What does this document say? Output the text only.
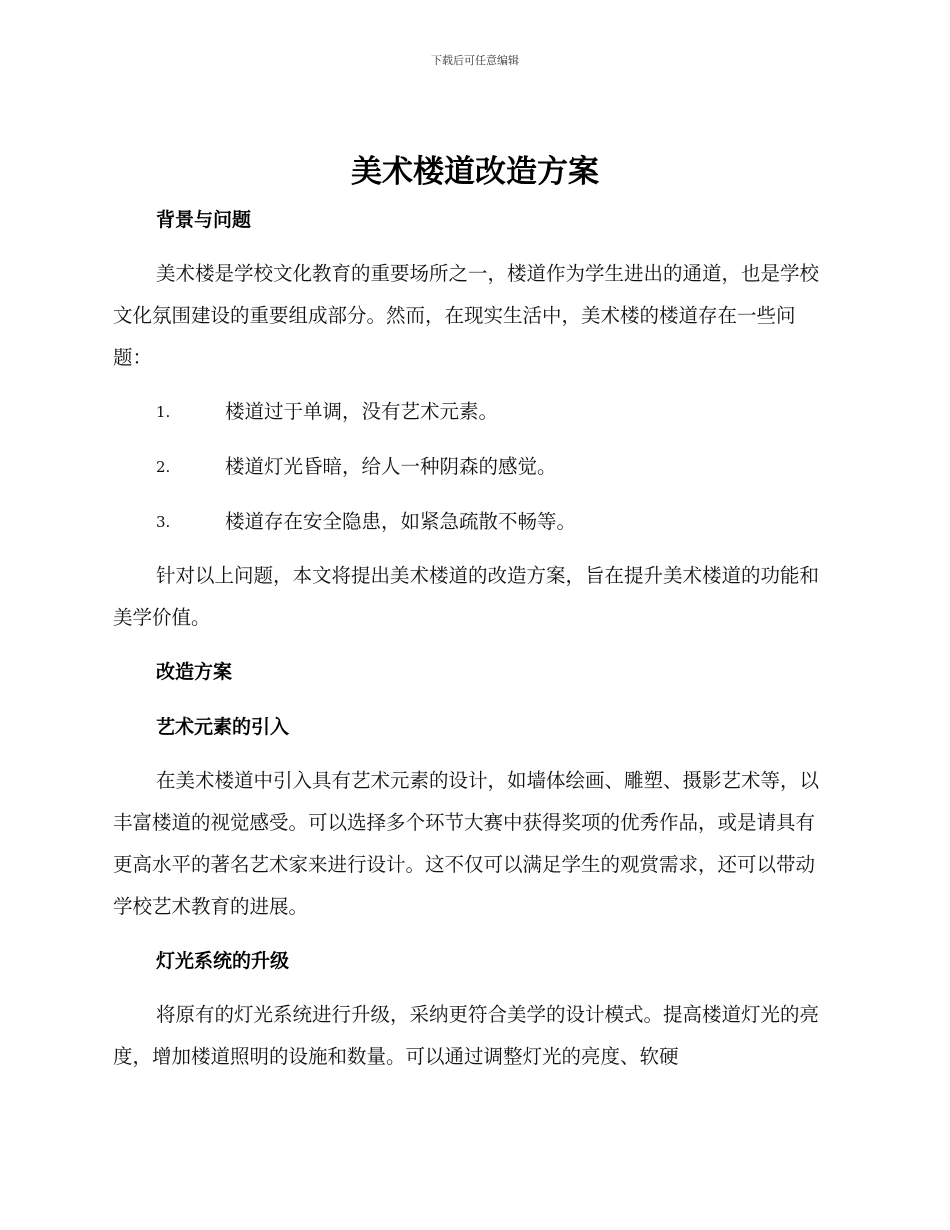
下载后可任意编辑

美术楼道改造方案
背景与问题

美术楼是学校文化教育的重要场所之一，楼道作为学生进出的通道，也是学校文化氛围建设的重要组成部分。然而，在现实生活中，美术楼的楼道存在一些问题：

1.	楼道过于单调，没有艺术元素。
2.	楼道灯光昏暗，给人一种阴森的感觉。
3.	楼道存在安全隐患，如紧急疏散不畅等。

针对以上问题，本文将提出美术楼道的改造方案，旨在提升美术楼道的功能和美学价值。

改造方案
艺术元素的引入

在美术楼道中引入具有艺术元素的设计，如墙体绘画、雕塑、摄影艺术等，以丰富楼道的视觉感受。可以选择多个环节大赛中获得奖项的优秀作品，或是请具有更高水平的著名艺术家来进行设计。这不仅可以满足学生的观赏需求，还可以带动学校艺术教育的进展。

灯光系统的升级

将原有的灯光系统进行升级，采纳更符合美学的设计模式。提高楼道灯光的亮度，增加楼道照明的设施和数量。可以通过调整灯光的亮度、软硬
